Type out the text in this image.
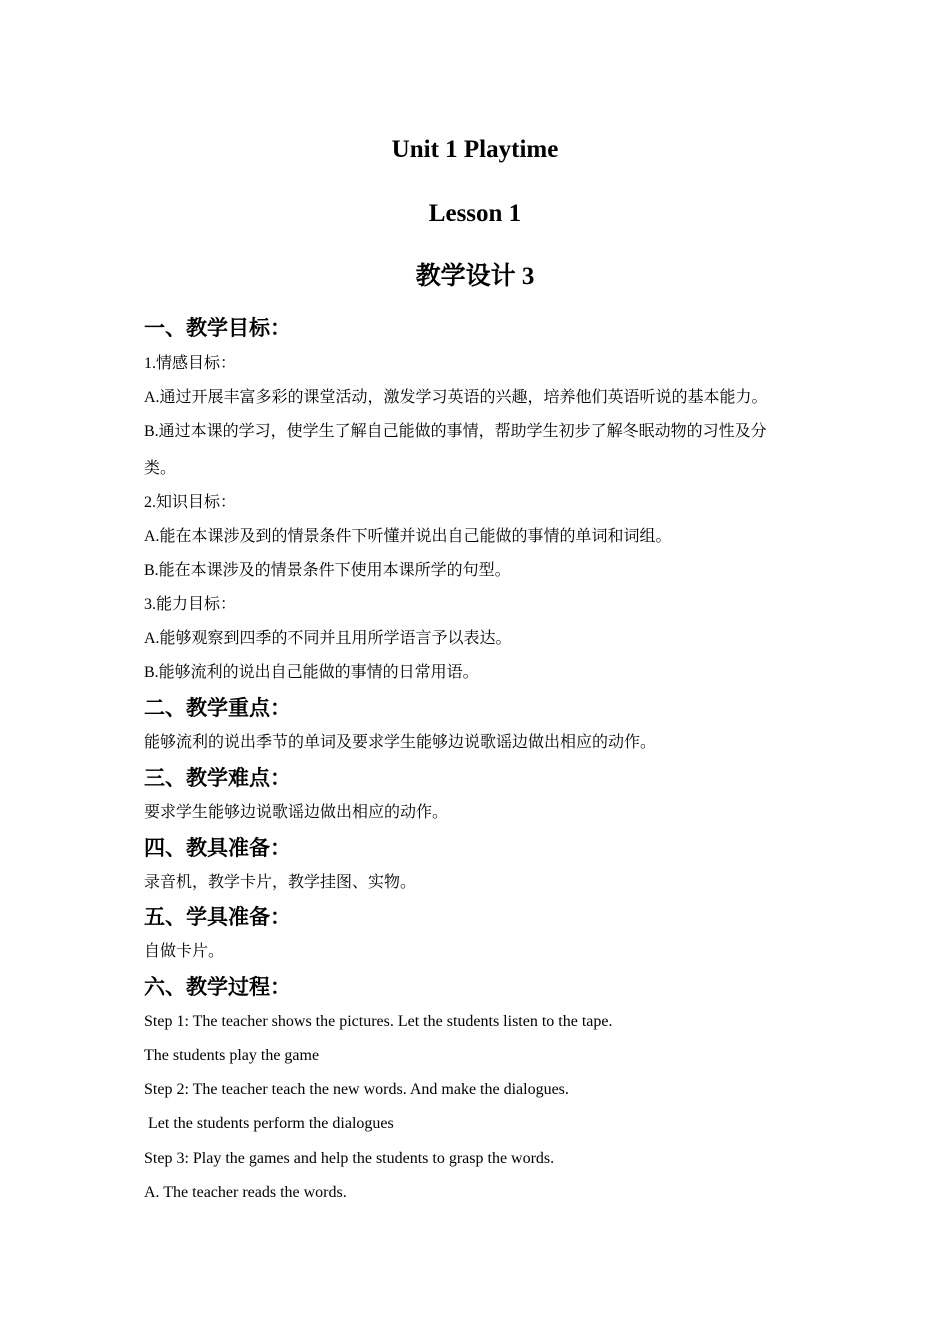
Unit 1 Playtime
Lesson 1
教学设计 3
一、教学目标：
1.情感目标：
A.通过开展丰富多彩的课堂活动，激发学习英语的兴趣，培养他们英语听说的基本能力。
B.通过本课的学习，使学生了解自己能做的事情，帮助学生初步了解冬眠动物的习性及分
类。
2.知识目标：
A.能在本课涉及到的情景条件下听懂并说出自己能做的事情的单词和词组。
B.能在本课涉及的情景条件下使用本课所学的句型。
3.能力目标：
A.能够观察到四季的不同并且用所学语言予以表达。
B.能够流利的说出自己能做的事情的日常用语。
二、教学重点：
能够流利的说出季节的单词及要求学生能够边说歌谣边做出相应的动作。
三、教学难点：
要求学生能够边说歌谣边做出相应的动作。
四、教具准备：
录音机，教学卡片，教学挂图、实物。
五、学具准备：
自做卡片。
六、教学过程：
Step 1: The teacher shows the pictures. Let the students listen to the tape.
The students play the game
Step 2: The teacher teach the new words. And make the dialogues.
Let the students perform the dialogues
Step 3: Play the games and help the students to grasp the words.
A. The teacher reads the words.
